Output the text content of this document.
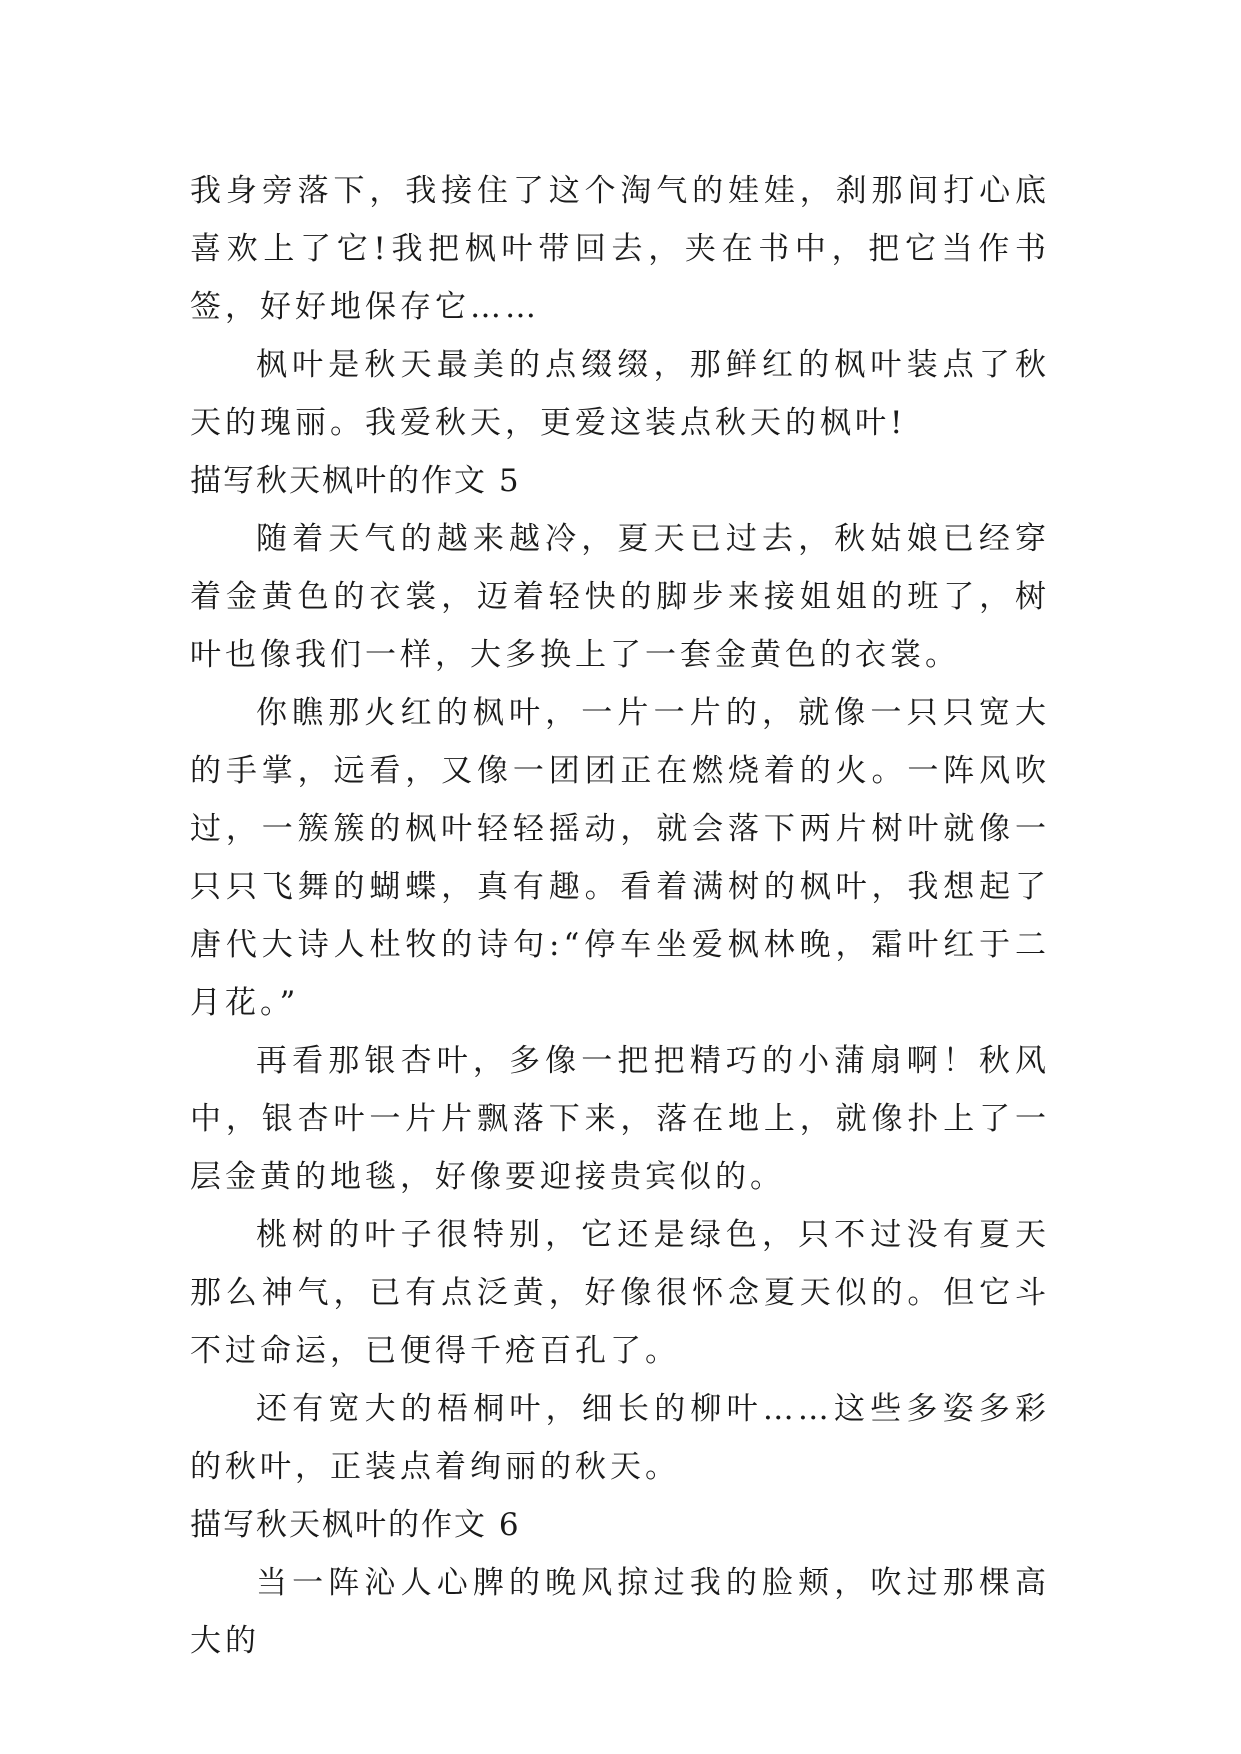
我身旁落下，我接住了这个淘气的娃娃，刹那间打心底喜欢上了它!我把枫叶带回去，夹在书中，把它当作书签，好好地保存它……

枫叶是秋天最美的点缀缀，那鲜红的枫叶装点了秋天的瑰丽。我爱秋天，更爱这装点秋天的枫叶!

描写秋天枫叶的作文 5

随着天气的越来越冷，夏天已过去，秋姑娘已经穿着金黄色的衣裳，迈着轻快的脚步来接姐姐的班了，树叶也像我们一样，大多换上了一套金黄色的衣裳。

你瞧那火红的枫叶，一片一片的，就像一只只宽大的手掌，远看，又像一团团正在燃烧着的火。一阵风吹过，一簇簇的枫叶轻轻摇动，就会落下两片树叶就像一只只飞舞的蝴蝶，真有趣。看着满树的枫叶，我想起了唐代大诗人杜牧的诗句:“停车坐爱枫林晚，霜叶红于二月花。”

再看那银杏叶，多像一把把精巧的小蒲扇啊！秋风中，银杏叶一片片飘落下来，落在地上，就像扑上了一层金黄的地毯，好像要迎接贵宾似的。

桃树的叶子很特别，它还是绿色，只不过没有夏天那么神气，已有点泛黄，好像很怀念夏天似的。但它斗不过命运，已便得千疮百孔了。

还有宽大的梧桐叶，细长的柳叶……这些多姿多彩的秋叶，正装点着绚丽的秋天。

描写秋天枫叶的作文 6

当一阵沁人心脾的晚风掠过我的脸颊，吹过那棵高大的
